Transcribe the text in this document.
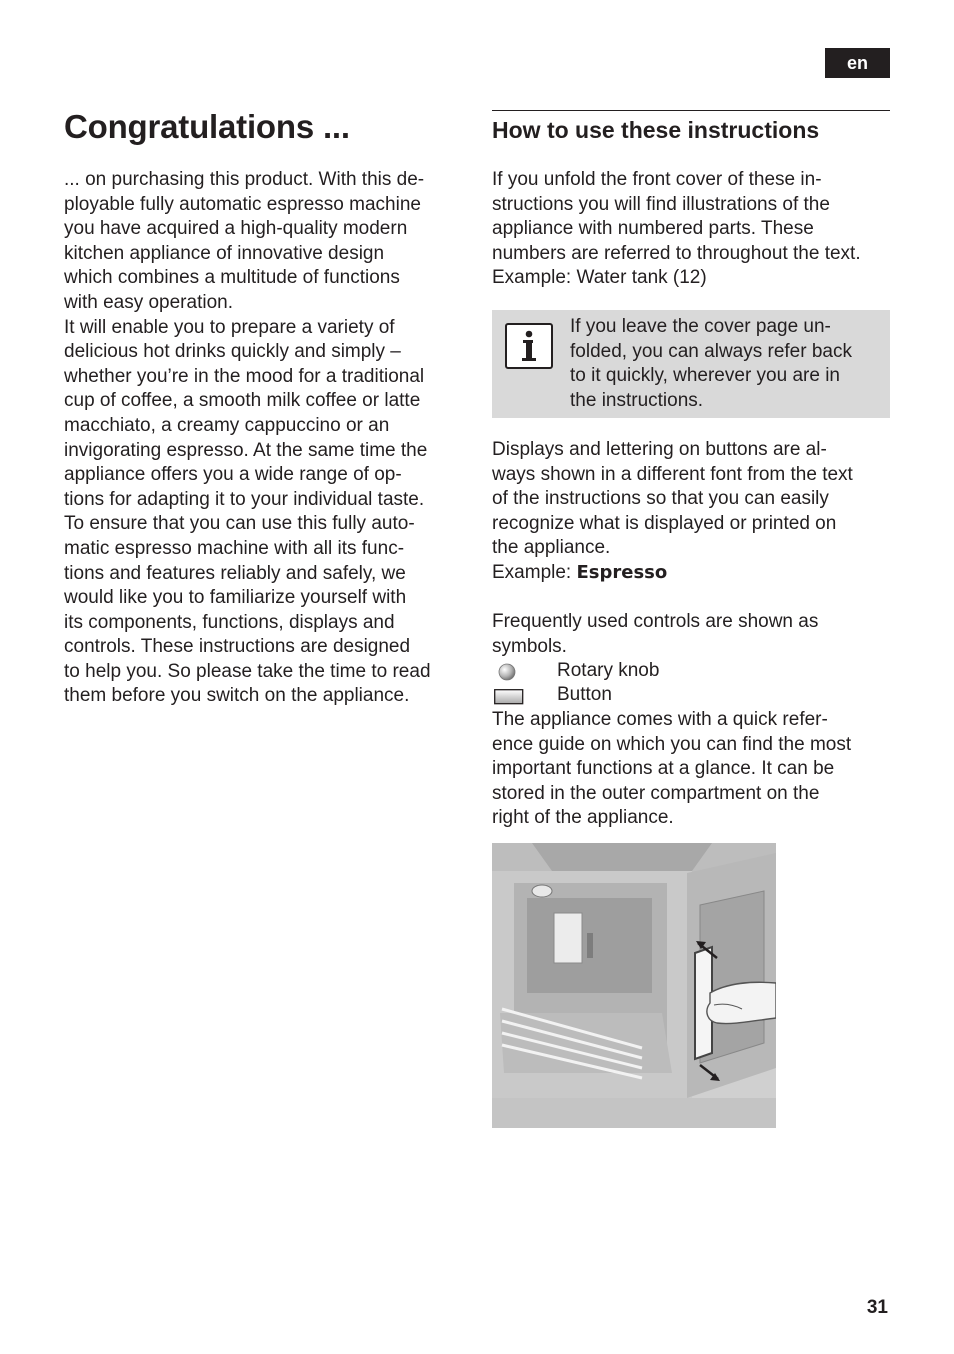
en
Congratulations ...
... on purchasing this product. With this de-
ployable fully automatic espresso machine
you have acquired a high-quality modern
kitchen appliance of innovative design
which combines a multitude of functions
with easy operation.
It will enable you to prepare a variety of
delicious hot drinks quickly and simply –
whether you’re in the mood for a traditional
cup of coffee, a smooth milk coffee or latte
macchiato, a creamy cappuccino or an
invigorating espresso. At the same time the
appliance offers you a wide range of op-
tions for adapting it to your individual taste.
To ensure that you can use this fully auto-
matic espresso machine with all its func-
tions and features reliably and safely, we
would like you to familiarize yourself with
its components, functions, displays and
controls. These instructions are designed
to help you. So please take the time to read
them before you switch on the appliance.
How to use these instructions
If you unfold the front cover of these in-
structions you will find illustrations of the
appliance with numbered parts. These
numbers are referred to throughout the text.
Example: Water tank (12)
If you leave the cover page un-
folded, you can always refer back
to it quickly, wherever you are in
the instructions.
Displays and lettering on buttons are al-
ways shown in a different font from the text
of the instructions so that you can easily
recognize what is displayed or printed on
the appliance.
Example: Espresso
Frequently used controls are shown as
symbols.
Rotary knob
Button
The appliance comes with a quick refer-
ence guide on which you can find the most
important functions at a glance. It can be
stored in the outer compartment on the
right of the appliance.
31
